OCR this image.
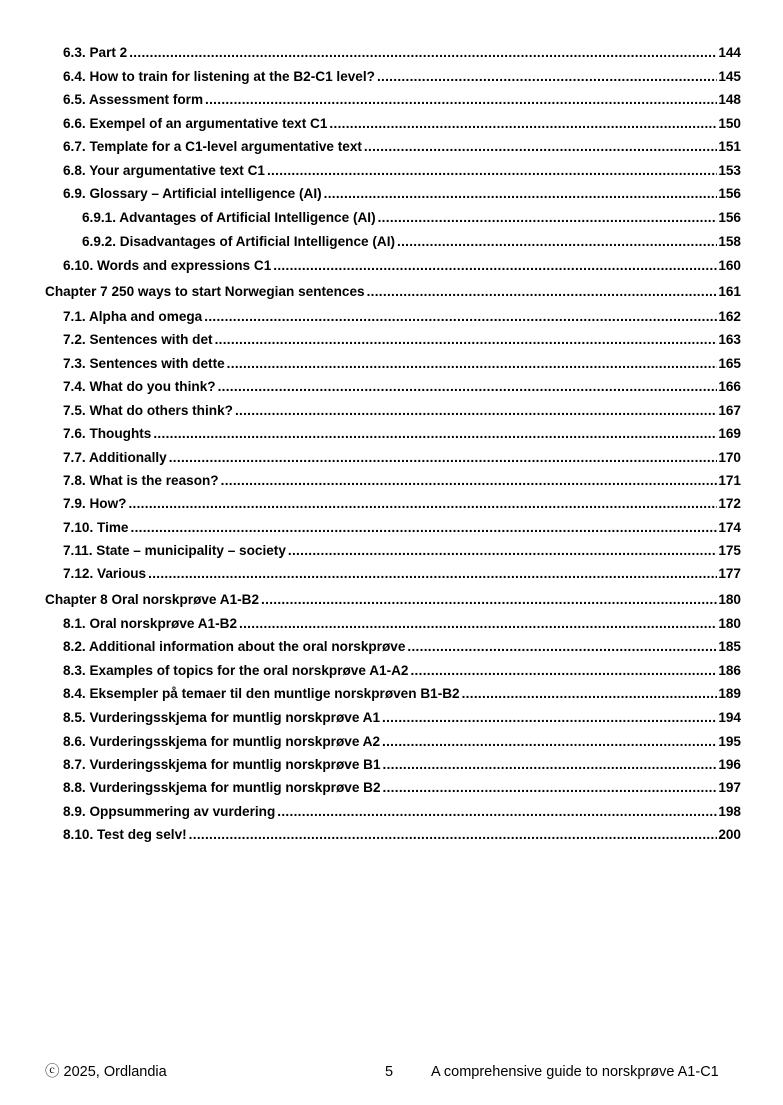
6.3. Part 2 .....	144
6.4. How to train for listening at the B2-C1 level? .....	145
6.5. Assessment form .....	148
6.6. Exempel of an argumentative text C1 .....	150
6.7. Template for a C1-level argumentative text .....	151
6.8. Your argumentative text C1 .....	153
6.9. Glossary – Artificial intelligence (AI) .....	156
6.9.1. Advantages of Artificial Intelligence (AI) .....	156
6.9.2. Disadvantages of Artificial Intelligence (AI) .....	158
6.10. Words and expressions C1 .....	160
Chapter 7 250 ways to start Norwegian sentences .....	161
7.1. Alpha and omega .....	162
7.2. Sentences with det .....	163
7.3. Sentences with dette .....	165
7.4. What do you think? .....	166
7.5. What do others think? .....	167
7.6. Thoughts .....	169
7.7. Additionally .....	170
7.8. What is the reason? .....	171
7.9. How? .....	172
7.10. Time .....	174
7.11. State – municipality – society .....	175
7.12. Various .....	177
Chapter 8 Oral norskprøve A1-B2 .....	180
8.1. Oral norskprøve A1-B2 .....	180
8.2. Additional information about the oral norskprøve .....	185
8.3. Examples of topics for the oral norskprøve A1-A2 .....	186
8.4. Eksempler på temaer til den muntlige norskprøven B1-B2 .....	189
8.5. Vurderingsskjema for muntlig norskprøve A1 .....	194
8.6. Vurderingsskjema for muntlig norskprøve A2 .....	195
8.7. Vurderingsskjema for muntlig norskprøve B1 .....	196
8.8. Vurderingsskjema for muntlig norskprøve B2 .....	197
8.9. Oppsummering av vurdering .....	198
8.10. Test deg selv! .....	200
ⓒ 2025, Ordlandia	5	A comprehensive guide to norskprøve A1-C1
